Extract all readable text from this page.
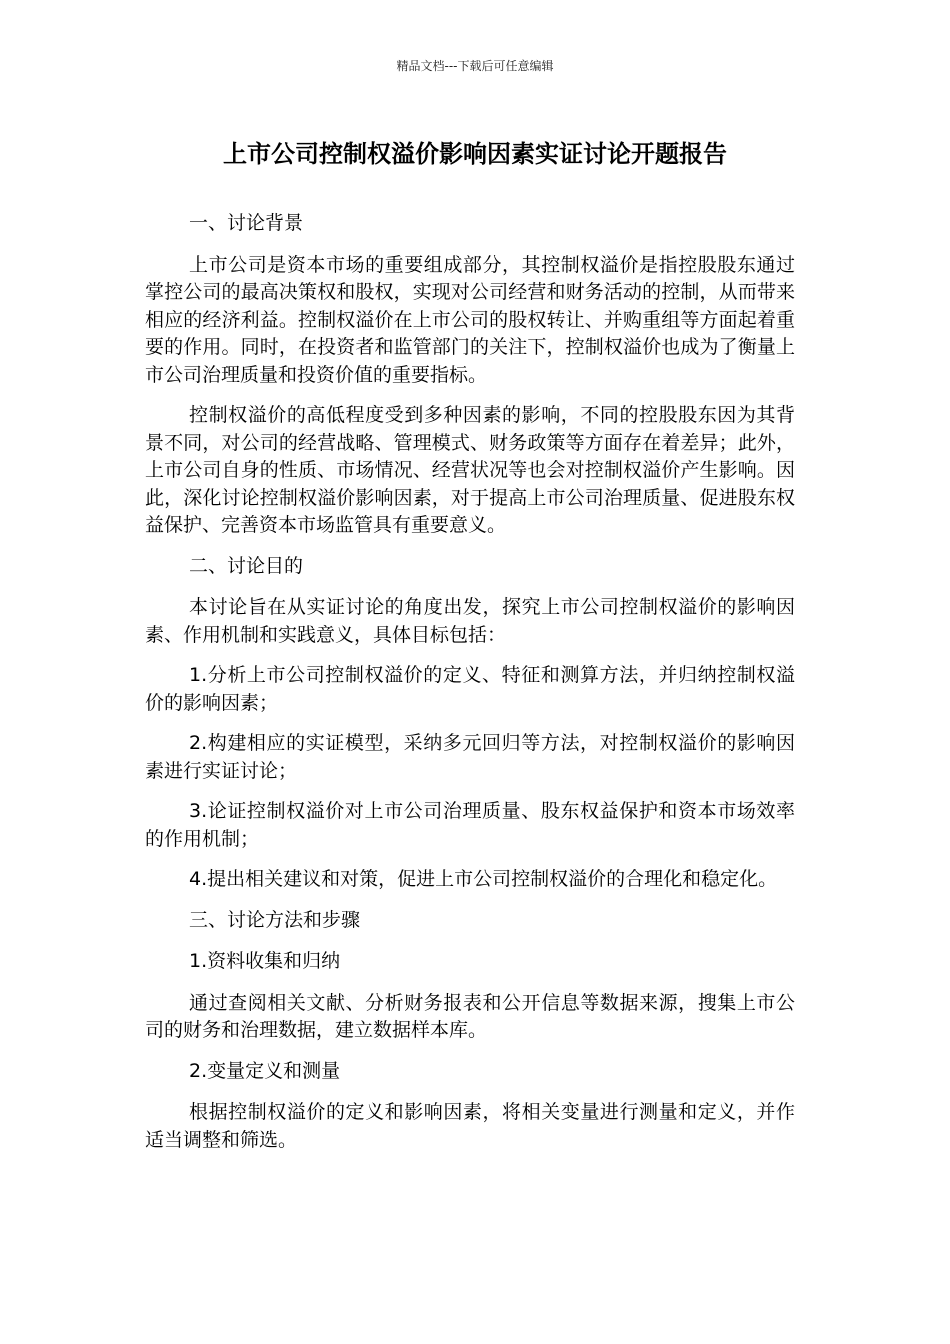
精品文档---下载后可任意编辑
上市公司控制权溢价影响因素实证讨论开题报告

一、讨论背景

上市公司是资本市场的重要组成部分，其控制权溢价是指控股股东通过掌控公司的最高决策权和股权，实现对公司经营和财务活动的控制，从而带来相应的经济利益。控制权溢价在上市公司的股权转让、并购重组等方面起着重要的作用。同时，在投资者和监管部门的关注下，控制权溢价也成为了衡量上市公司治理质量和投资价值的重要指标。

控制权溢价的高低程度受到多种因素的影响，不同的控股股东因为其背景不同，对公司的经营战略、管理模式、财务政策等方面存在着差异；此外，上市公司自身的性质、市场情况、经营状况等也会对控制权溢价产生影响。因此，深化讨论控制权溢价影响因素，对于提高上市公司治理质量、促进股东权益保护、完善资本市场监管具有重要意义。

二、讨论目的

本讨论旨在从实证讨论的角度出发，探究上市公司控制权溢价的影响因素、作用机制和实践意义，具体目标包括：

1.分析上市公司控制权溢价的定义、特征和测算方法，并归纳控制权溢价的影响因素；

2.构建相应的实证模型，采纳多元回归等方法，对控制权溢价的影响因素进行实证讨论；

3.论证控制权溢价对上市公司治理质量、股东权益保护和资本市场效率的作用机制；

4.提出相关建议和对策，促进上市公司控制权溢价的合理化和稳定化。

三、讨论方法和步骤

1.资料收集和归纳

通过查阅相关文献、分析财务报表和公开信息等数据来源，搜集上市公司的财务和治理数据，建立数据样本库。

2.变量定义和测量

根据控制权溢价的定义和影响因素，将相关变量进行测量和定义，并作适当调整和筛选。
